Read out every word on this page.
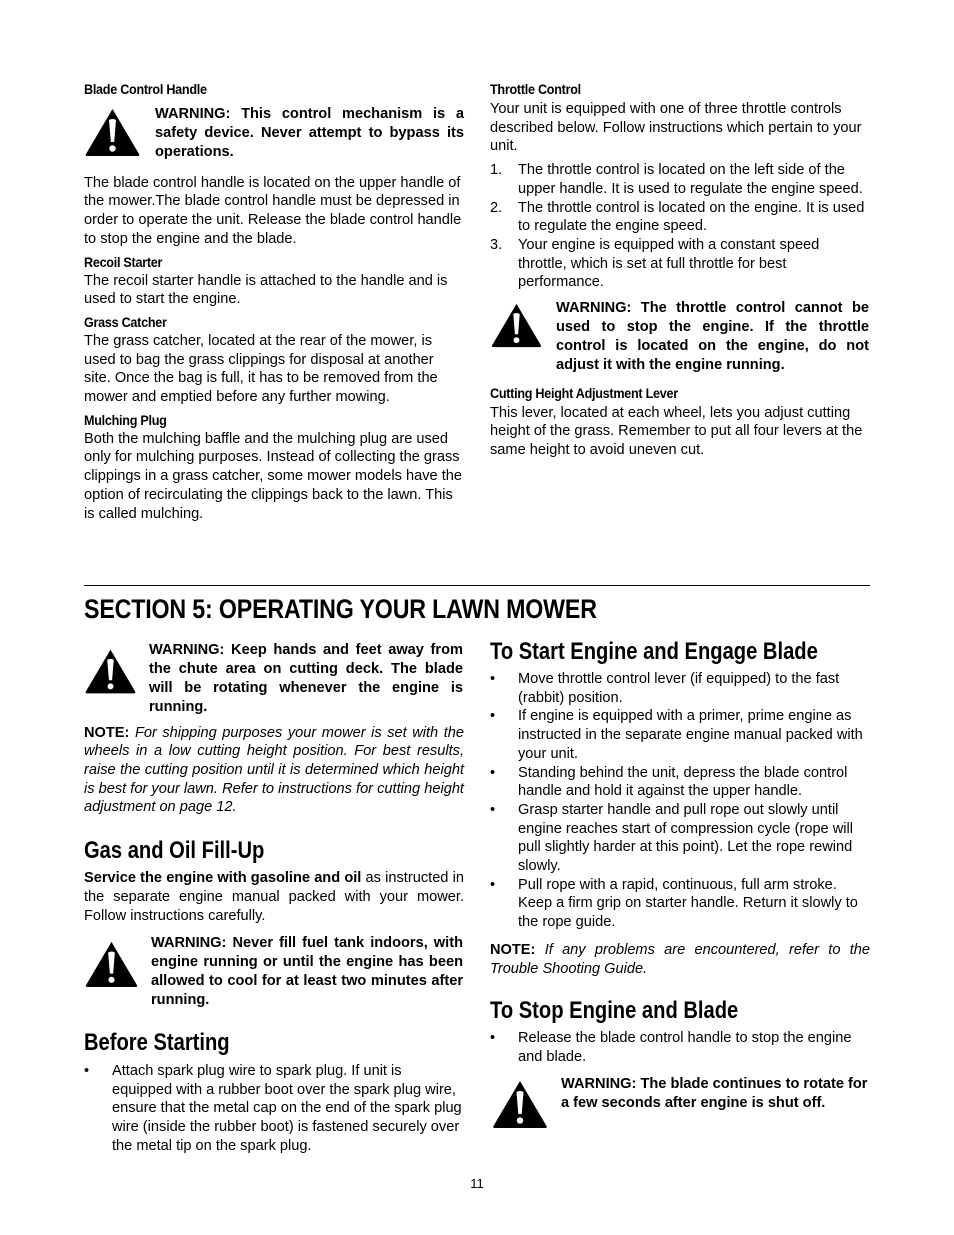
Blade Control Handle
WARNING: This control mechanism is a safety device. Never attempt to bypass its operations.

The blade control handle is located on the upper handle of the mower.The blade control handle must be depressed in order to operate the unit. Release the blade control handle to stop the engine and the blade.

Recoil Starter

The recoil starter handle is attached to the handle and is used to start the engine.

Grass Catcher

The grass catcher, located at the rear of the mower, is used to bag the grass clippings for disposal at another site. Once the bag is full, it has to be removed from the mower and emptied before any further mowing.

Mulching Plug

Both the mulching baffle and the mulching plug are used only for mulching purposes. Instead of collecting the grass clippings in a grass catcher, some mower models have the option of recirculating the clippings back to the lawn. This is called mulching.

Throttle Control

Your unit is equipped with one of three throttle controls described below. Follow instructions which pertain to your unit.

1. The throttle control is located on the left side of the upper handle. It is used to regulate the engine speed.
2. The throttle control is located on the engine. It is used to regulate the engine speed.
3. Your engine is equipped with a constant speed throttle, which is set at full throttle for best performance.
WARNING: The throttle control cannot be used to stop the engine. If the throttle control is located on the engine, do not adjust it with the engine running.
Cutting Height Adjustment Lever

This lever, located at each wheel, lets you adjust cutting height of the grass. Remember to put all four levers at the same height to avoid uneven cut.

SECTION 5: OPERATING YOUR LAWN MOWER
WARNING: Keep hands and feet away from the chute area on cutting deck. The blade will be rotating whenever the engine is running.

NOTE: For shipping purposes your mower is set with the wheels in a low cutting height position. For best results, raise the cutting position until it is determined which height is best for your lawn. Refer to instructions for cutting height adjustment on page 12.

Gas and Oil Fill-Up

Service the engine with gasoline and oil as instructed in the separate engine manual packed with your mower. Follow instructions carefully.

WARNING: Never fill fuel tank indoors, with engine running or until the engine has been allowed to cool for at least two minutes after running.
Before Starting
• Attach spark plug wire to spark plug. If unit is equipped with a rubber boot over the spark plug wire, ensure that the metal cap on the end of the spark plug wire (inside the rubber boot) is fastened securely over the metal tip on the spark plug.
To Start Engine and Engage Blade
• Move throttle control lever (if equipped) to the fast (rabbit) position.
• If engine is equipped with a primer, prime engine as instructed in the separate engine manual packed with your unit.
• Standing behind the unit, depress the blade control handle and hold it against the upper handle.
• Grasp starter handle and pull rope out slowly until engine reaches start of compression cycle (rope will pull slightly harder at this point). Let the rope rewind slowly.
• Pull rope with a rapid, continuous, full arm stroke. Keep a firm grip on starter handle. Return it slowly to the rope guide.

NOTE: If any problems are encountered, refer to the Trouble Shooting Guide.

To Stop Engine and Blade
• Release the blade control handle to stop the engine and blade.
WARNING: The blade continues to rotate for a few seconds after engine is shut off.
11
